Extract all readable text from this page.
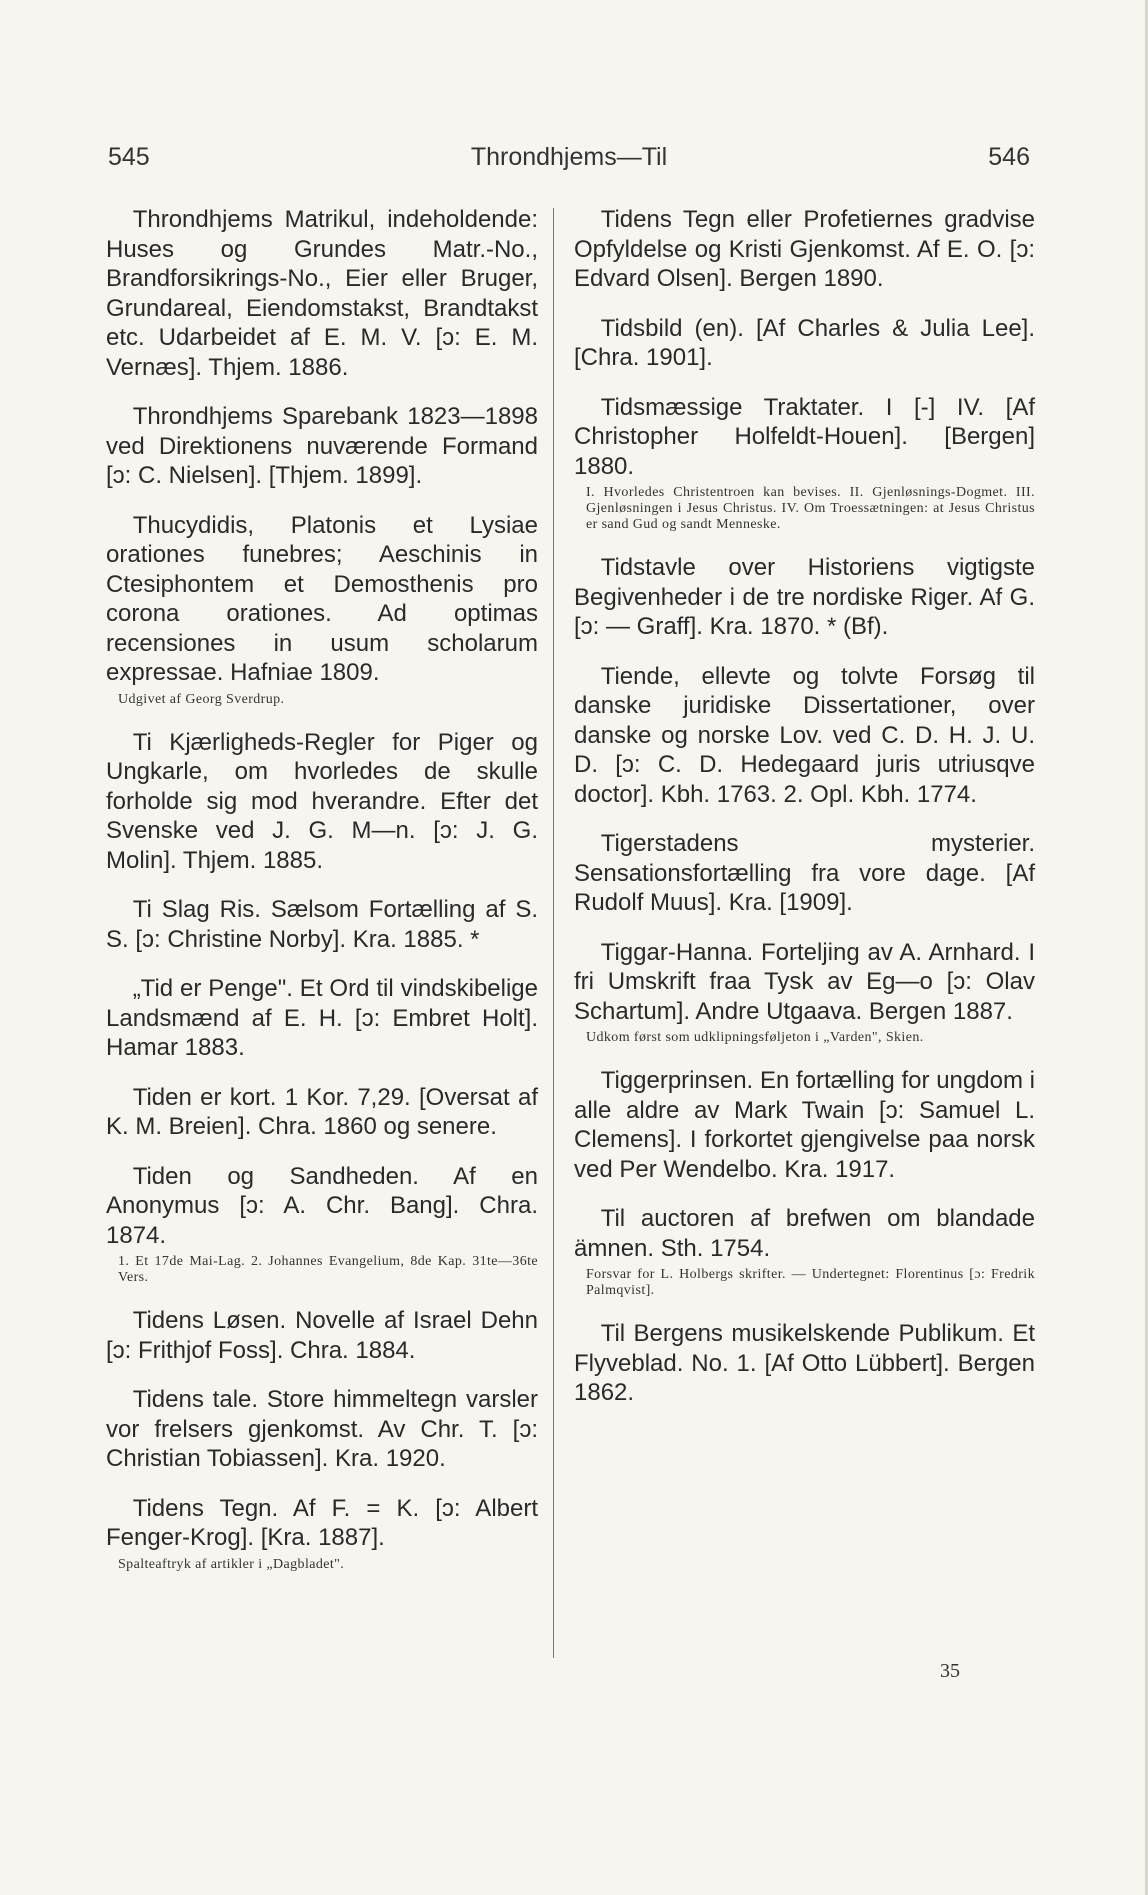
545	Throndhjems—Til	546
Throndhjems Matrikul, indeholdende: Huses og Grundes Matr.-No., Brandforsikrings-No., Eier eller Bruger, Grundareal, Eiendomstakst, Brandtakst etc. Udarbeidet af E. M. V. [ɔ: E. M. Vernæs]. Thjem. 1886.
Throndhjems Sparebank 1823—1898 ved Direktionens nuværende Formand [ɔ: C. Nielsen]. [Thjem. 1899].
Thucydidis, Platonis et Lysiae orationes funebres; Aeschinis in Ctesiphontem et Demosthenis pro corona orationes. Ad optimas recensiones in usum scholarum expressae. Hafniae 1809.
Udgivet af Georg Sverdrup.
Ti Kjærligheds-Regler for Piger og Ungkarle, om hvorledes de skulle forholde sig mod hverandre. Efter det Svenske ved J. G. M—n. [ɔ: J. G. Molin]. Thjem. 1885.
Ti Slag Ris. Sælsom Fortælling af S. S. [ɔ: Christine Norby]. Kra. 1885. *
„Tid er Penge". Et Ord til vindskibelige Landsmænd af E. H. [ɔ: Embret Holt]. Hamar 1883.
Tiden er kort. 1 Kor. 7,29. [Oversat af K. M. Breien]. Chra. 1860 og senere.
Tiden og Sandheden. Af en Anonymus [ɔ: A. Chr. Bang]. Chra. 1874.
1. Et 17de Mai-Lag. 2. Johannes Evangelium, 8de Kap. 31te—36te Vers.
Tidens Løsen. Novelle af Israel Dehn [ɔ: Frithjof Foss]. Chra. 1884.
Tidens tale. Store himmeltegn varsler vor frelsers gjenkomst. Av Chr. T. [ɔ: Christian Tobiassen]. Kra. 1920.
Tidens Tegn. Af F. = K. [ɔ: Albert Fenger-Krog]. [Kra. 1887].
Spalteaftryk af artikler i „Dagbladet".
Tidens Tegn eller Profetiernes gradvise Opfyldelse og Kristi Gjenkomst. Af E. O. [ɔ: Edvard Olsen]. Bergen 1890.
Tidsbild (en). [Af Charles & Julia Lee]. [Chra. 1901].
Tidsmæssige Traktater. I [-] IV. [Af Christopher Holfeldt-Houen]. [Bergen] 1880.
I. Hvorledes Christentroen kan bevises. II. Gjenløsnings-Dogmet. III. Gjenløsningen i Jesus Christus. IV. Om Troessætningen: at Jesus Christus er sand Gud og sandt Menneske.
Tidstavle over Historiens vigtigste Begivenheder i de tre nordiske Riger. Af G. [ɔ: — Graff]. Kra. 1870. * (Bf).
Tiende, ellevte og tolvte Forsøg til danske juridiske Dissertationer, over danske og norske Lov. ved C. D. H. J. U. D. [ɔ: C. D. Hedegaard juris utriusqve doctor]. Kbh. 1763. 2. Opl. Kbh. 1774.
Tigerstadens mysterier. Sensationsfortælling fra vore dage. [Af Rudolf Muus]. Kra. [1909].
Tiggar-Hanna. Forteljing av A. Arnhard. I fri Umskrift fraa Tysk av Eg—o [ɔ: Olav Schartum]. Andre Utgaava. Bergen 1887.
Udkom først som udklipningsføljeton i „Varden", Skien.
Tiggerprinsen. En fortælling for ungdom i alle aldre av Mark Twain [ɔ: Samuel L. Clemens]. I forkortet gjengivelse paa norsk ved Per Wendelbo. Kra. 1917.
Til auctoren af brefwen om blandade ämnen. Sth. 1754.
Forsvar for L. Holbergs skrifter. — Undertegnet: Florentinus [ɔ: Fredrik Palmqvist].
Til Bergens musikelskende Publikum. Et Flyveblad. No. 1. [Af Otto Lübbert]. Bergen 1862.
35
